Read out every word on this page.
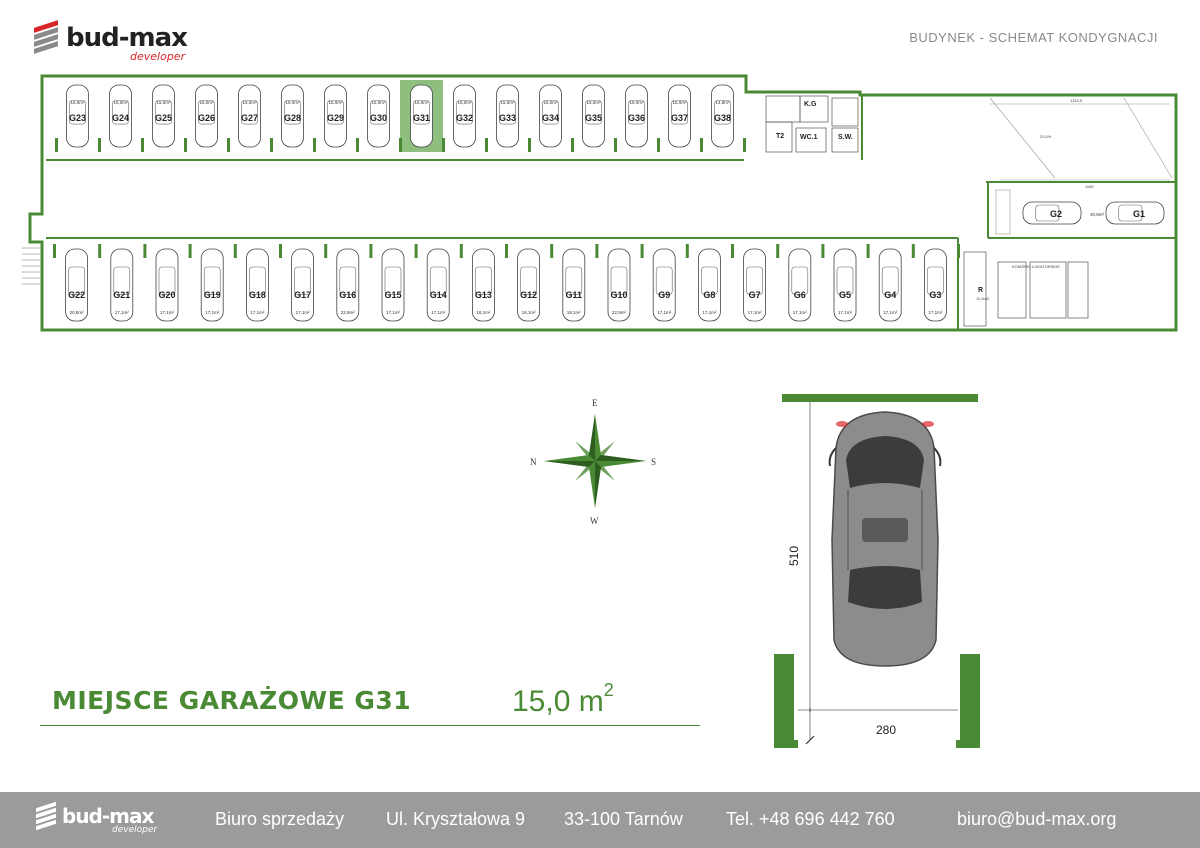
bud-max
developer
BUDYNEK - SCHEMAT KONDYGNACJI
20,0%
1310,5
1180
K.G
T2 WC.1	S.W.
R
11,9m2
KOMÓRKI LOKATORSKIE
15,0m²
G23
15,0m²
G24
15,0m²
G25
15,0m²
G26
15,0m²
G27
15,0m²
G28
15,0m²
G29
15,0m²
G30
15,0m²
G31
15,0m²
G32
15,0m²
G33
15,0m²
G34
15,0m²
G35
15,0m²
G36
15,0m²
G37
14,8m²
G38
20,8m²
G22
17,1m²
G21
17,1m²
G20
17,1m²
G19
17,1m²
G18
17,1m²
G17
22,9m²
G16
17,1m²
G15
17,1m²
G14
18,1m²
G13
18,1m²
G12
18,1m²
G11
22,9m²
G10
17,1m²
G9
17,1m²
G8
17,1m²
G7
17,1m²
G6
17,1m²
G5
17,1m²
G4
17,1m²
G3
G2	G1
40,8m²
E
N	S
W
510
280
MIEJSCE GARAŻOWE G31	15,0 $m^2$
bud-max
developer
Biuro sprzedaży Ul. Kryształowa 9 33-100 Tarnów Tel. +48 696 442 760	biuro@bud-max.org
